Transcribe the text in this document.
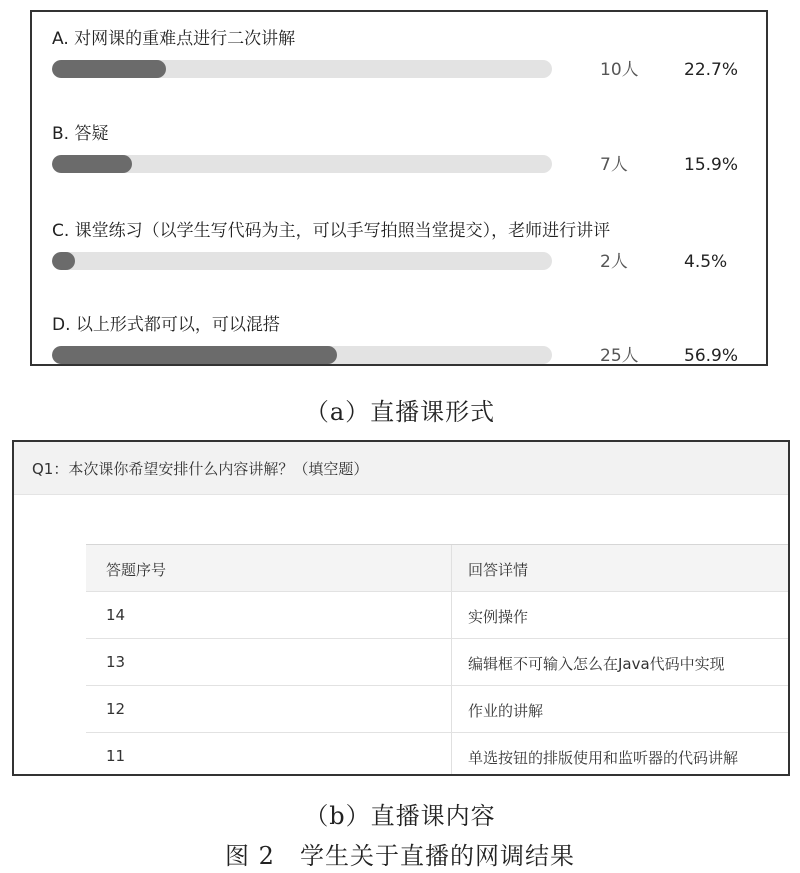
A. 对网课的重难点进行二次讲解
10人	22.7%
B. 答疑
7人	15.9%
C. 课堂练习（以学生写代码为主，可以手写拍照当堂提交），老师进行讲评
2人	4.5%
D. 以上形式都可以，可以混搭
25人	56.9%
（a）直播课形式
Q1：本次课你希望安排什么内容讲解？（填空题）
答题序号	回答详情
14	实例操作
13	编辑框不可输入怎么在Java代码中实现
12	作业的讲解
11	单选按钮的排版使用和监听器的代码讲解
（b）直播课内容
图 2　学生关于直播的网调结果
